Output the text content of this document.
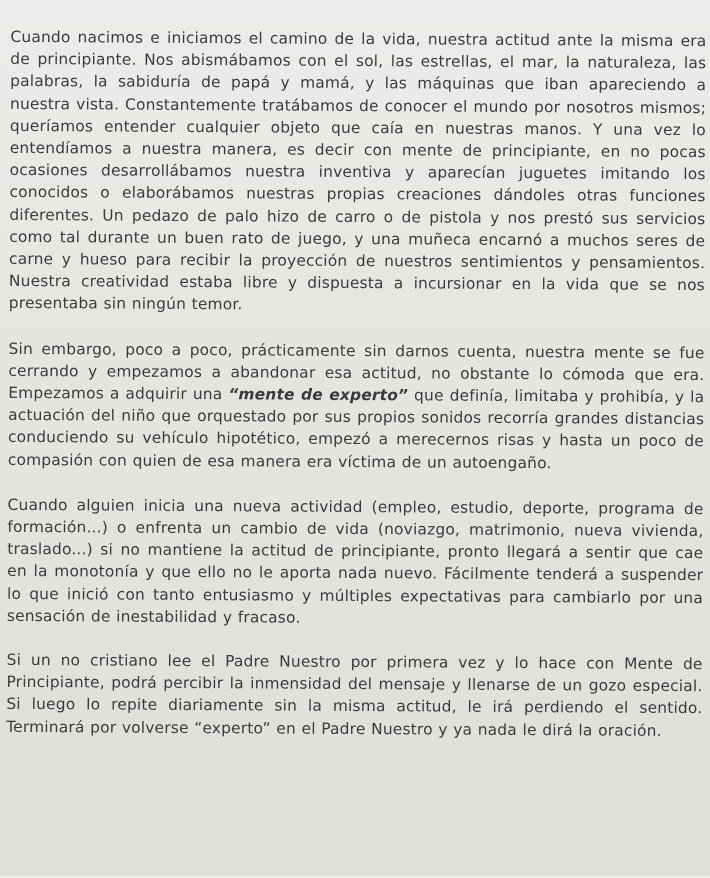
Cuando nacimos e iniciamos el camino de la vida, nuestra actitud ante la misma era de principiante. Nos abismábamos con el sol, las estrellas, el mar, la naturaleza, las palabras, la sabiduría de papá y mamá, y las máquinas que iban apareciendo a nuestra vista. Constantemente tratábamos de conocer el mundo por nosotros mismos; queríamos entender cualquier objeto que caía en nuestras manos. Y una vez lo entendíamos a nuestra manera, es decir con mente de principiante, en no pocas ocasiones desarrollábamos nuestra inventiva y aparecían juguetes imitando los conocidos o elaborábamos nuestras propias creaciones dándoles otras funciones diferentes. Un pedazo de palo hizo de carro o de pistola y nos prestó sus servicios como tal durante un buen rato de juego, y una muñeca encarnó a muchos seres de carne y hueso para recibir la proyección de nuestros sentimientos y pensamientos. Nuestra creatividad estaba libre y dispuesta a incursionar en la vida que se nos presentaba sin ningún temor.

Sin embargo, poco a poco, prácticamente sin darnos cuenta, nuestra mente se fue cerrando y empezamos a abandonar esa actitud, no obstante lo cómoda que era. Empezamos a adquirir una “mente de experto” que definía, limitaba y prohibía, y la actuación del niño que orquestado por sus propios sonidos recorría grandes distancias conduciendo su vehículo hipotético, empezó a merecernos risas y hasta un poco de compasión con quien de esa manera era víctima de un autoengaño.

Cuando alguien inicia una nueva actividad (empleo, estudio, deporte, programa de formación...) o enfrenta un cambio de vida (noviazgo, matrimonio, nueva vivienda, traslado...) si no mantiene la actitud de principiante, pronto llegará a sentir que cae en la monotonía y que ello no le aporta nada nuevo. Fácilmente tenderá a suspender lo que inició con tanto entusiasmo y múltiples expectativas para cambiarlo por una sensación de inestabilidad y fracaso.

Si un no cristiano lee el Padre Nuestro por primera vez y lo hace con Mente de Principiante, podrá percibir la inmensidad del mensaje y llenarse de un gozo especial. Si luego lo repite diariamente sin la misma actitud, le irá perdiendo el sentido. Terminará por volverse “experto” en el Padre Nuestro y ya nada le dirá la oración.
